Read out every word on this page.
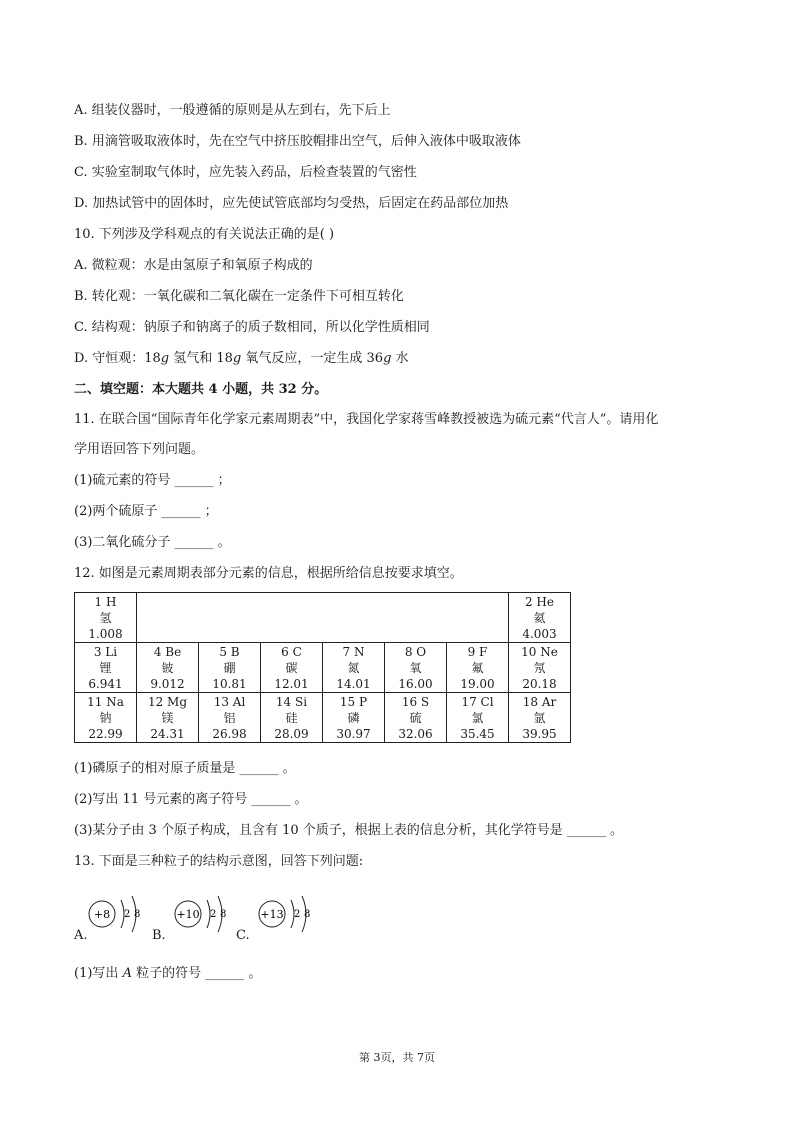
A. 组装仪器时，一般遵循的原则是从左到右，先下后上
B. 用滴管吸取液体时，先在空气中挤压胶帽排出空气，后伸入液体中吸取液体
C. 实验室制取气体时，应先装入药品，后检查装置的气密性
D. 加热试管中的固体时，应先使试管底部均匀受热，后固定在药品部位加热
10. 下列涉及学科观点的有关说法正确的是( )
A. 微粒观：水是由氢原子和氧原子构成的
B. 转化观：一氧化碳和二氧化碳在一定条件下可相互转化
C. 结构观：钠原子和钠离子的质子数相同，所以化学性质相同
D. 守恒观：18g 氢气和 18g 氧气反应，一定生成 36g 水
二、填空题：本大题共 4 小题，共 32 分。
11. 在联合国“国际青年化学家元素周期表”中，我国化学家蒋雪峰教授被选为硫元素“代言人”。请用化
学用语回答下列问题。
(1)硫元素的符号 ______ ；
(2)两个硫原子 ______ ；
(3)二氧化硫分子 ______ 。
12. 如图是元素周期表部分元素的信息，根据所给信息按要求填空。
1 H
氢
1.008							2 He
氦
4.003

3 Li
锂
6.941	4 Be
铍
9.012	5 B
硼
10.81	6 C
碳
12.01	7 N
氮
14.01	8 O
氧
16.00	9 F
氟
19.00	10 Ne
氖
20.18

11 Na
钠
22.99	12 Mg
镁
24.31	13 Al
铝
26.98	14 Si
硅
28.09	15 P
磷
30.97	16 S
硫
32.06	17 Cl
氯
35.45	18 Ar
氩
39.95
(1)磷原子的相对原子质量是 ______ 。
(2)写出 11 号元素的离子符号 ______ 。
(3)某分子由 3 个原子构成，且含有 10 个质子，根据上表的信息分析，其化学符号是 ______ 。
13. 下面是三种粒子的结构示意图，回答下列问题:
+8 2 8
A.
+10 2 8
B.
+13 2 8
C.
(1)写出 A 粒子的符号 ______ 。
第 3页，共 7页
